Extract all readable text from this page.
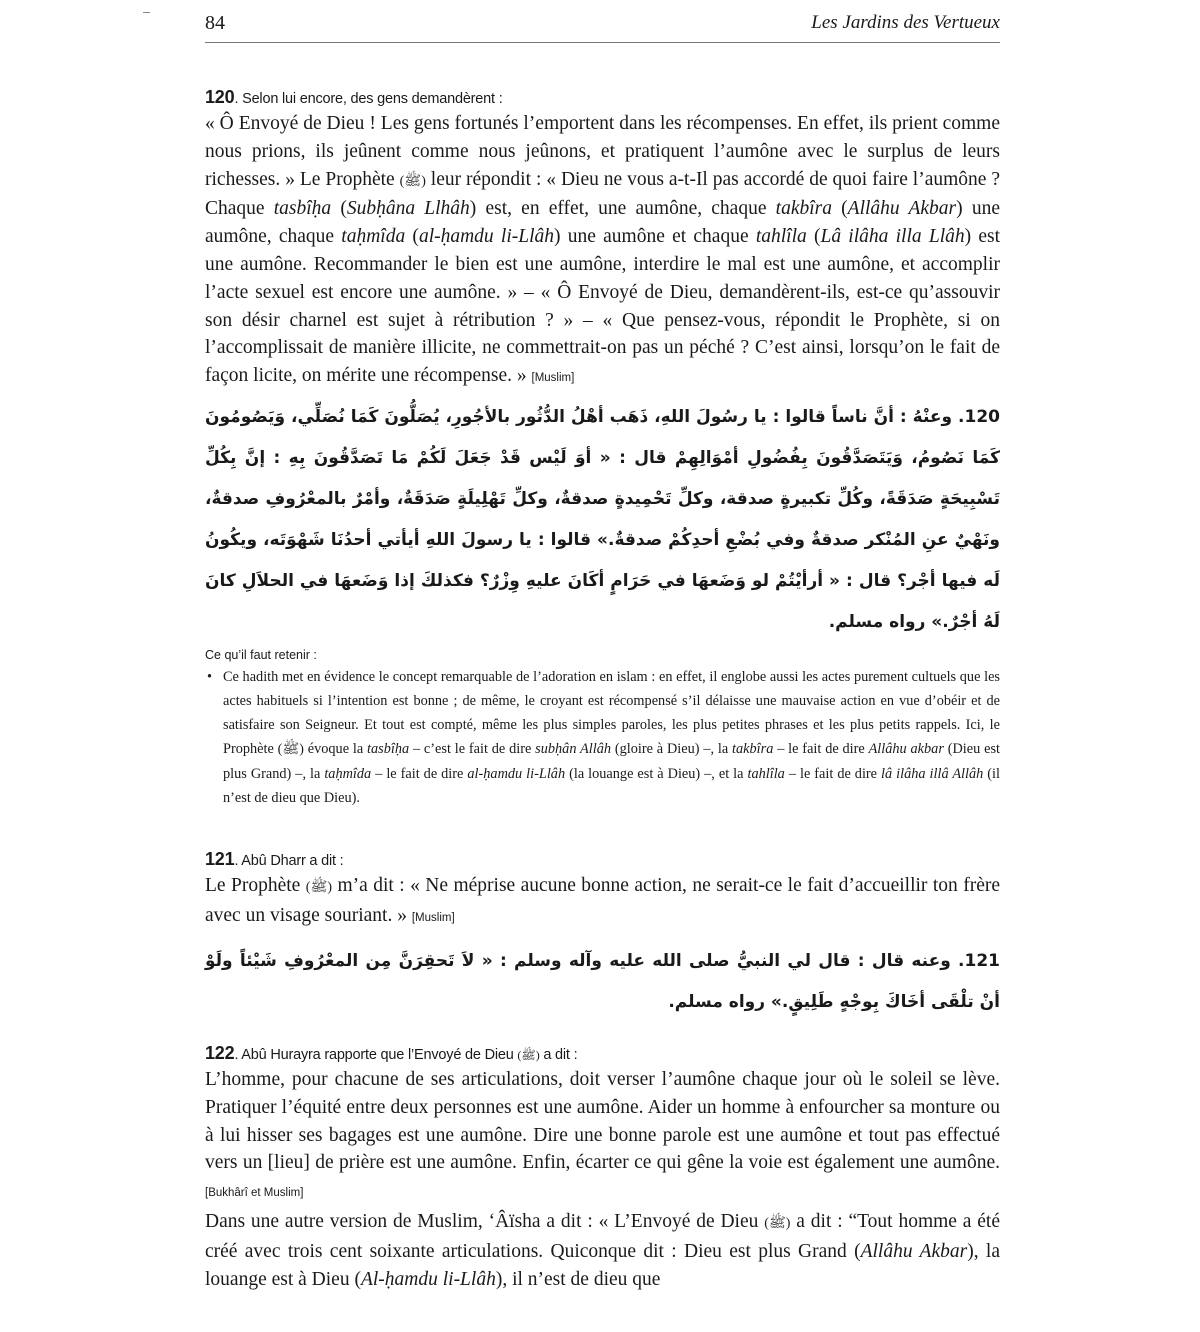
84	Les Jardins des Vertueux
120. Selon lui encore, des gens demandèrent :

« Ô Envoyé de Dieu ! Les gens fortunés l’emportent dans les récompenses. En effet, ils prient comme nous prions, ils jeûnent comme nous jeûnons, et pratiquent l’aumône avec le surplus de leurs richesses. » Le Prophète (ﷺ) leur répondit : « Dieu ne vous a-t-Il pas accordé de quoi faire l’aumône ? Chaque tasbîḥa (Subḥâna Llhâh) est, en effet, une aumône, chaque takbîra (Allâhu Akbar) une aumône, chaque taḥmîda (al-ḥamdu li-Llâh) une aumône et chaque tahlîla (Lâ ilâha illa Llâh) est une aumône. Recommander le bien est une aumône, interdire le mal est une aumône, et accomplir l’acte sexuel est encore une aumône. » – « Ô Envoyé de Dieu, demandèrent-ils, est-ce qu’assouvir son désir charnel est sujet à rétribution ? » – « Que pensez-vous, répondit le Prophète, si on l’accomplissait de manière illicite, ne commettrait-on pas un péché ? C’est ainsi, lorsqu’on le fait de façon licite, on mérite une récompense. » [Muslim]

120. وعنْهُ : أنَّ ناساً قالوا : يا رسُولَ اللهِ، ذَهَب أهْلُ الدُّثُور بالأجُورِ، يُصَلُّونَ كَمَا نُصَلِّي، وَيَصُومُونَ كَمَا نَصُومُ، وَيَتَصَدَّقُونَ بِفُضُولِ أمْوَالِهِمْ قال : « أوَ لَيْس قَدْ جَعَلَ لَكُمْ مَا تَصَدَّقُونَ بِهِ : إنَّ بِكُلِّ تَسْبِيحَةٍ صَدَقَةً، وكُلِّ تكبيرةٍ صدقة، وكلِّ تَحْمِيدةٍ صدقةٌ، وكلِّ تَهْلِيلَةٍ صَدَقَةٌ، وأمْرٌ بالمعْرُوفِ صدقةٌ، ونَهْيٌ عنِ المُنْكر صدقةٌ وفي بُضْعِ أحدِكُمْ صدقةٌ.» قالوا : يا رسولَ اللهِ أيأتي أحدُنَا شَهْوَتَه، ويكُونُ لَه فيها أجْر؟ قال : « أرأيْتُمْ لو وَضَعهَا في حَرَامٍ أكَانَ عليهِ وِزْرٌ؟ فكذلكَ إذا وَضَعهَا في الحلاَلِ كانَ لَهُ أجْرٌ.» رواه مسلم.

Ce qu’il faut retenir :

• Ce hadith met en évidence le concept remarquable de l’adoration en islam : en effet, il englobe aussi les actes purement cultuels que les actes habituels si l’intention est bonne ; de même, le croyant est récompensé s’il délaisse une mauvaise action en vue d’obéir et de satisfaire son Seigneur. Et tout est compté, même les plus simples paroles, les plus petites phrases et les plus petits rappels. Ici, le Prophète (ﷺ) évoque la tasbîḥa – c’est le fait de dire subḥân Allâh (gloire à Dieu) –, la takbîra – le fait de dire Allâhu akbar (Dieu est plus Grand) –, la taḥmîda – le fait de dire al-ḥamdu li-Llâh (la louange est à Dieu) –, et la tahlîla – le fait de dire lâ ilâha illâ Allâh (il n’est de dieu que Dieu).
121. Abû Dharr a dit :

Le Prophète (ﷺ) m’a dit : « Ne méprise aucune bonne action, ne serait-ce le fait d’accueillir ton frère avec un visage souriant. » [Muslim]

121. وعنه قال : قال لي النبيُّ صلى الله عليه وآله وسلم : « لاَ تَحقِرَنَّ مِن المعْرُوفِ شَيْئاً ولَوْ أنْ تلْقَى أخَاكَ بِوجْهٍ طَلِيقٍ.» رواه مسلم.

122. Abû Hurayra rapporte que l’Envoyé de Dieu (ﷺ) a dit :

L’homme, pour chacune de ses articulations, doit verser l’aumône chaque jour où le soleil se lève. Pratiquer l’équité entre deux personnes est une aumône. Aider un homme à enfourcher sa monture ou à lui hisser ses bagages est une aumône. Dire une bonne parole est une aumône et tout pas effectué vers un [lieu] de prière est une aumône. Enfin, écarter ce qui gêne la voie est également une aumône. [Bukhârî et Muslim]

Dans une autre version de Muslim, ‘Âïsha a dit : « L’Envoyé de Dieu (ﷺ) a dit : “Tout homme a été créé avec trois cent soixante articulations. Quiconque dit : Dieu est plus Grand (Allâhu Akbar), la louange est à Dieu (Al-ḥamdu li-Llâh), il n’est de dieu que
